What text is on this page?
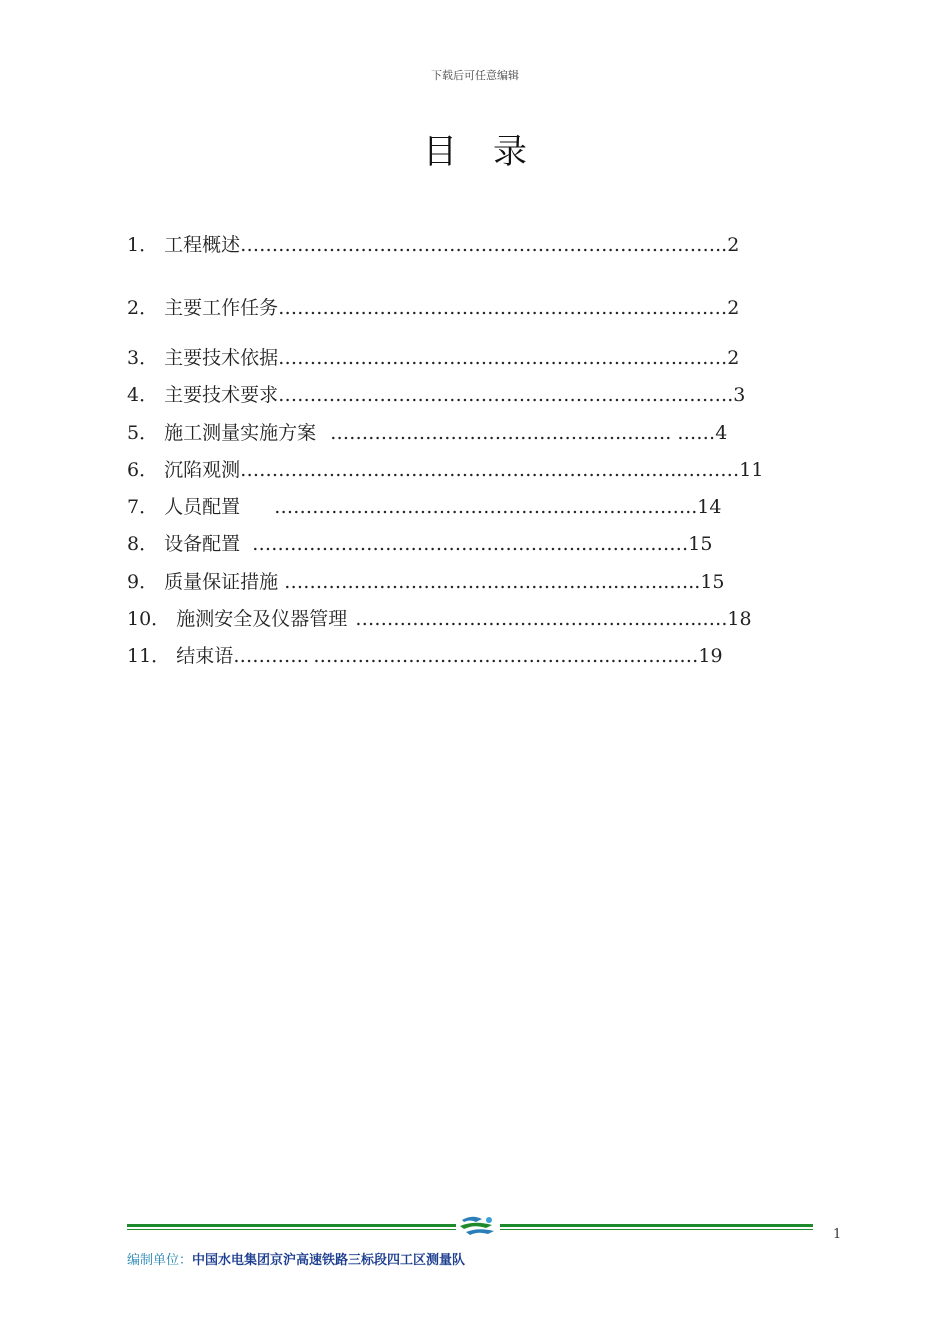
下载后可任意编辑
目录
1． 工程概述…………………………………………………………………..2
2． 主要工作任务………………………………………………………..……2
3． 主要技术依据……………………………………………………….…….2
4． 主要技术要求………………………………………………………..…….3
5． 施工测量实施方案 ………………………………………..……. ……4
6． 沉陷观测………………………………………………………..…..………11
7． 人员配置 …………………………………………..……………..14
8． 设备配置 ……………………………………………..……….……15
9． 质量保证措施 ……………………………………………..……..…..15
10． 施测安全及仪器管理 ………………………………………..……..….18
11． 结束语………… ………………………………………..………..…19
1
编制单位：中国水电集团京沪高速铁路三标段四工区测量队
